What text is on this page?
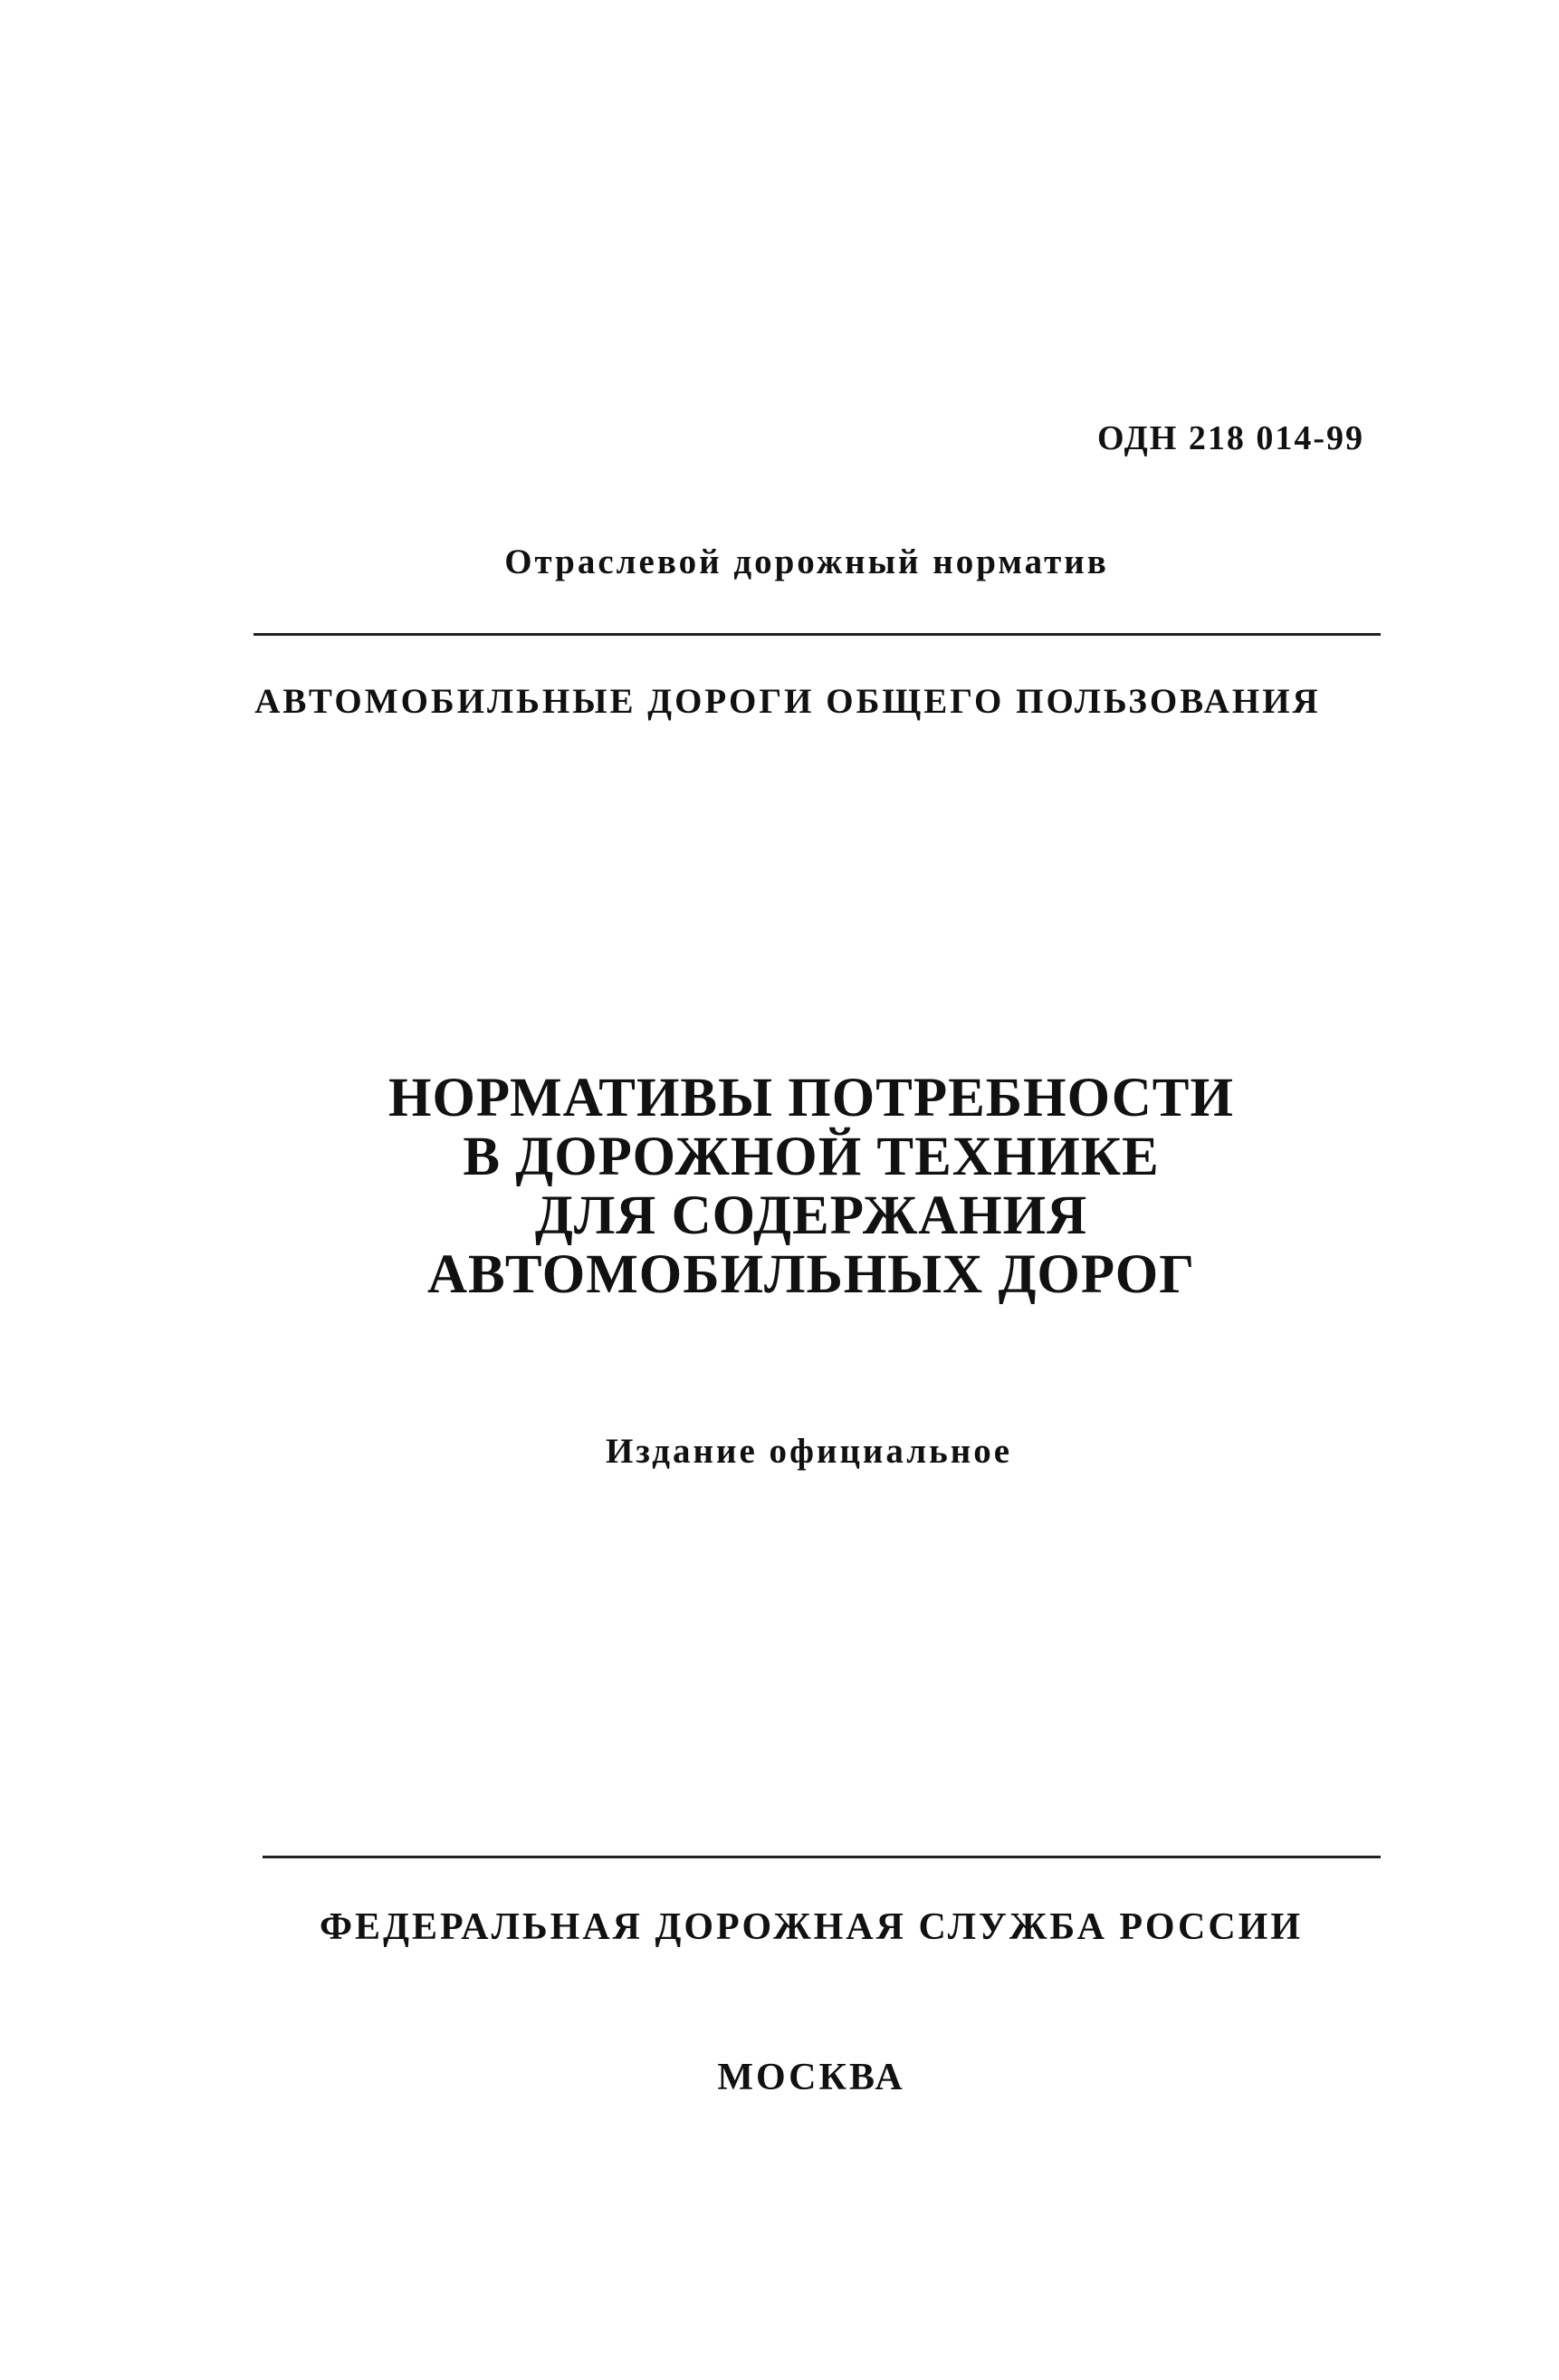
ОДН 218 014-99
Отраслевой дорожный норматив
АВТОМОБИЛЬНЫЕ ДОРОГИ ОБЩЕГО ПОЛЬЗОВАНИЯ
НОРМАТИВЫ ПОТРЕБНОСТИ
В ДОРОЖНОЙ ТЕХНИКЕ
ДЛЯ СОДЕРЖАНИЯ
АВТОМОБИЛЬНЫХ ДОРОГ
Издание официальное
ФЕДЕРАЛЬНАЯ ДОРОЖНАЯ СЛУЖБА РОССИИ
МОСКВА
